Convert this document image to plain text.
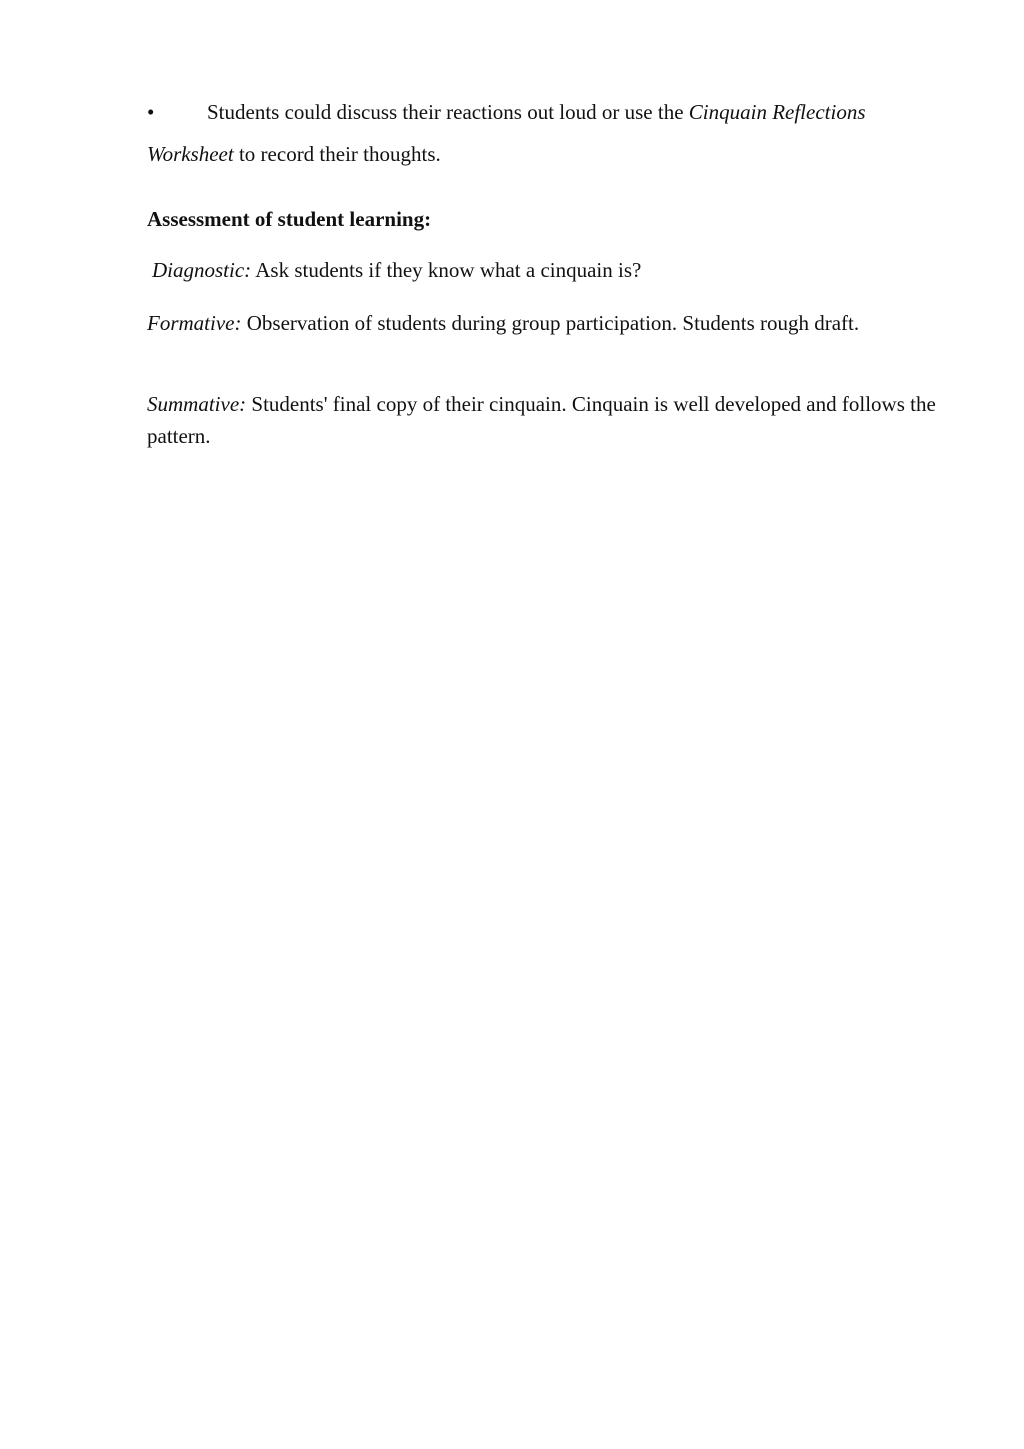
•	Students could discuss their reactions out loud or use the Cinquain Reflections

Worksheet to record their thoughts.

Assessment of student learning:

Diagnostic: Ask students if they know what a cinquain is?

Formative: Observation of students during group participation. Students rough draft.

Summative: Students' final copy of their cinquain. Cinquain is well developed and follows the pattern.
